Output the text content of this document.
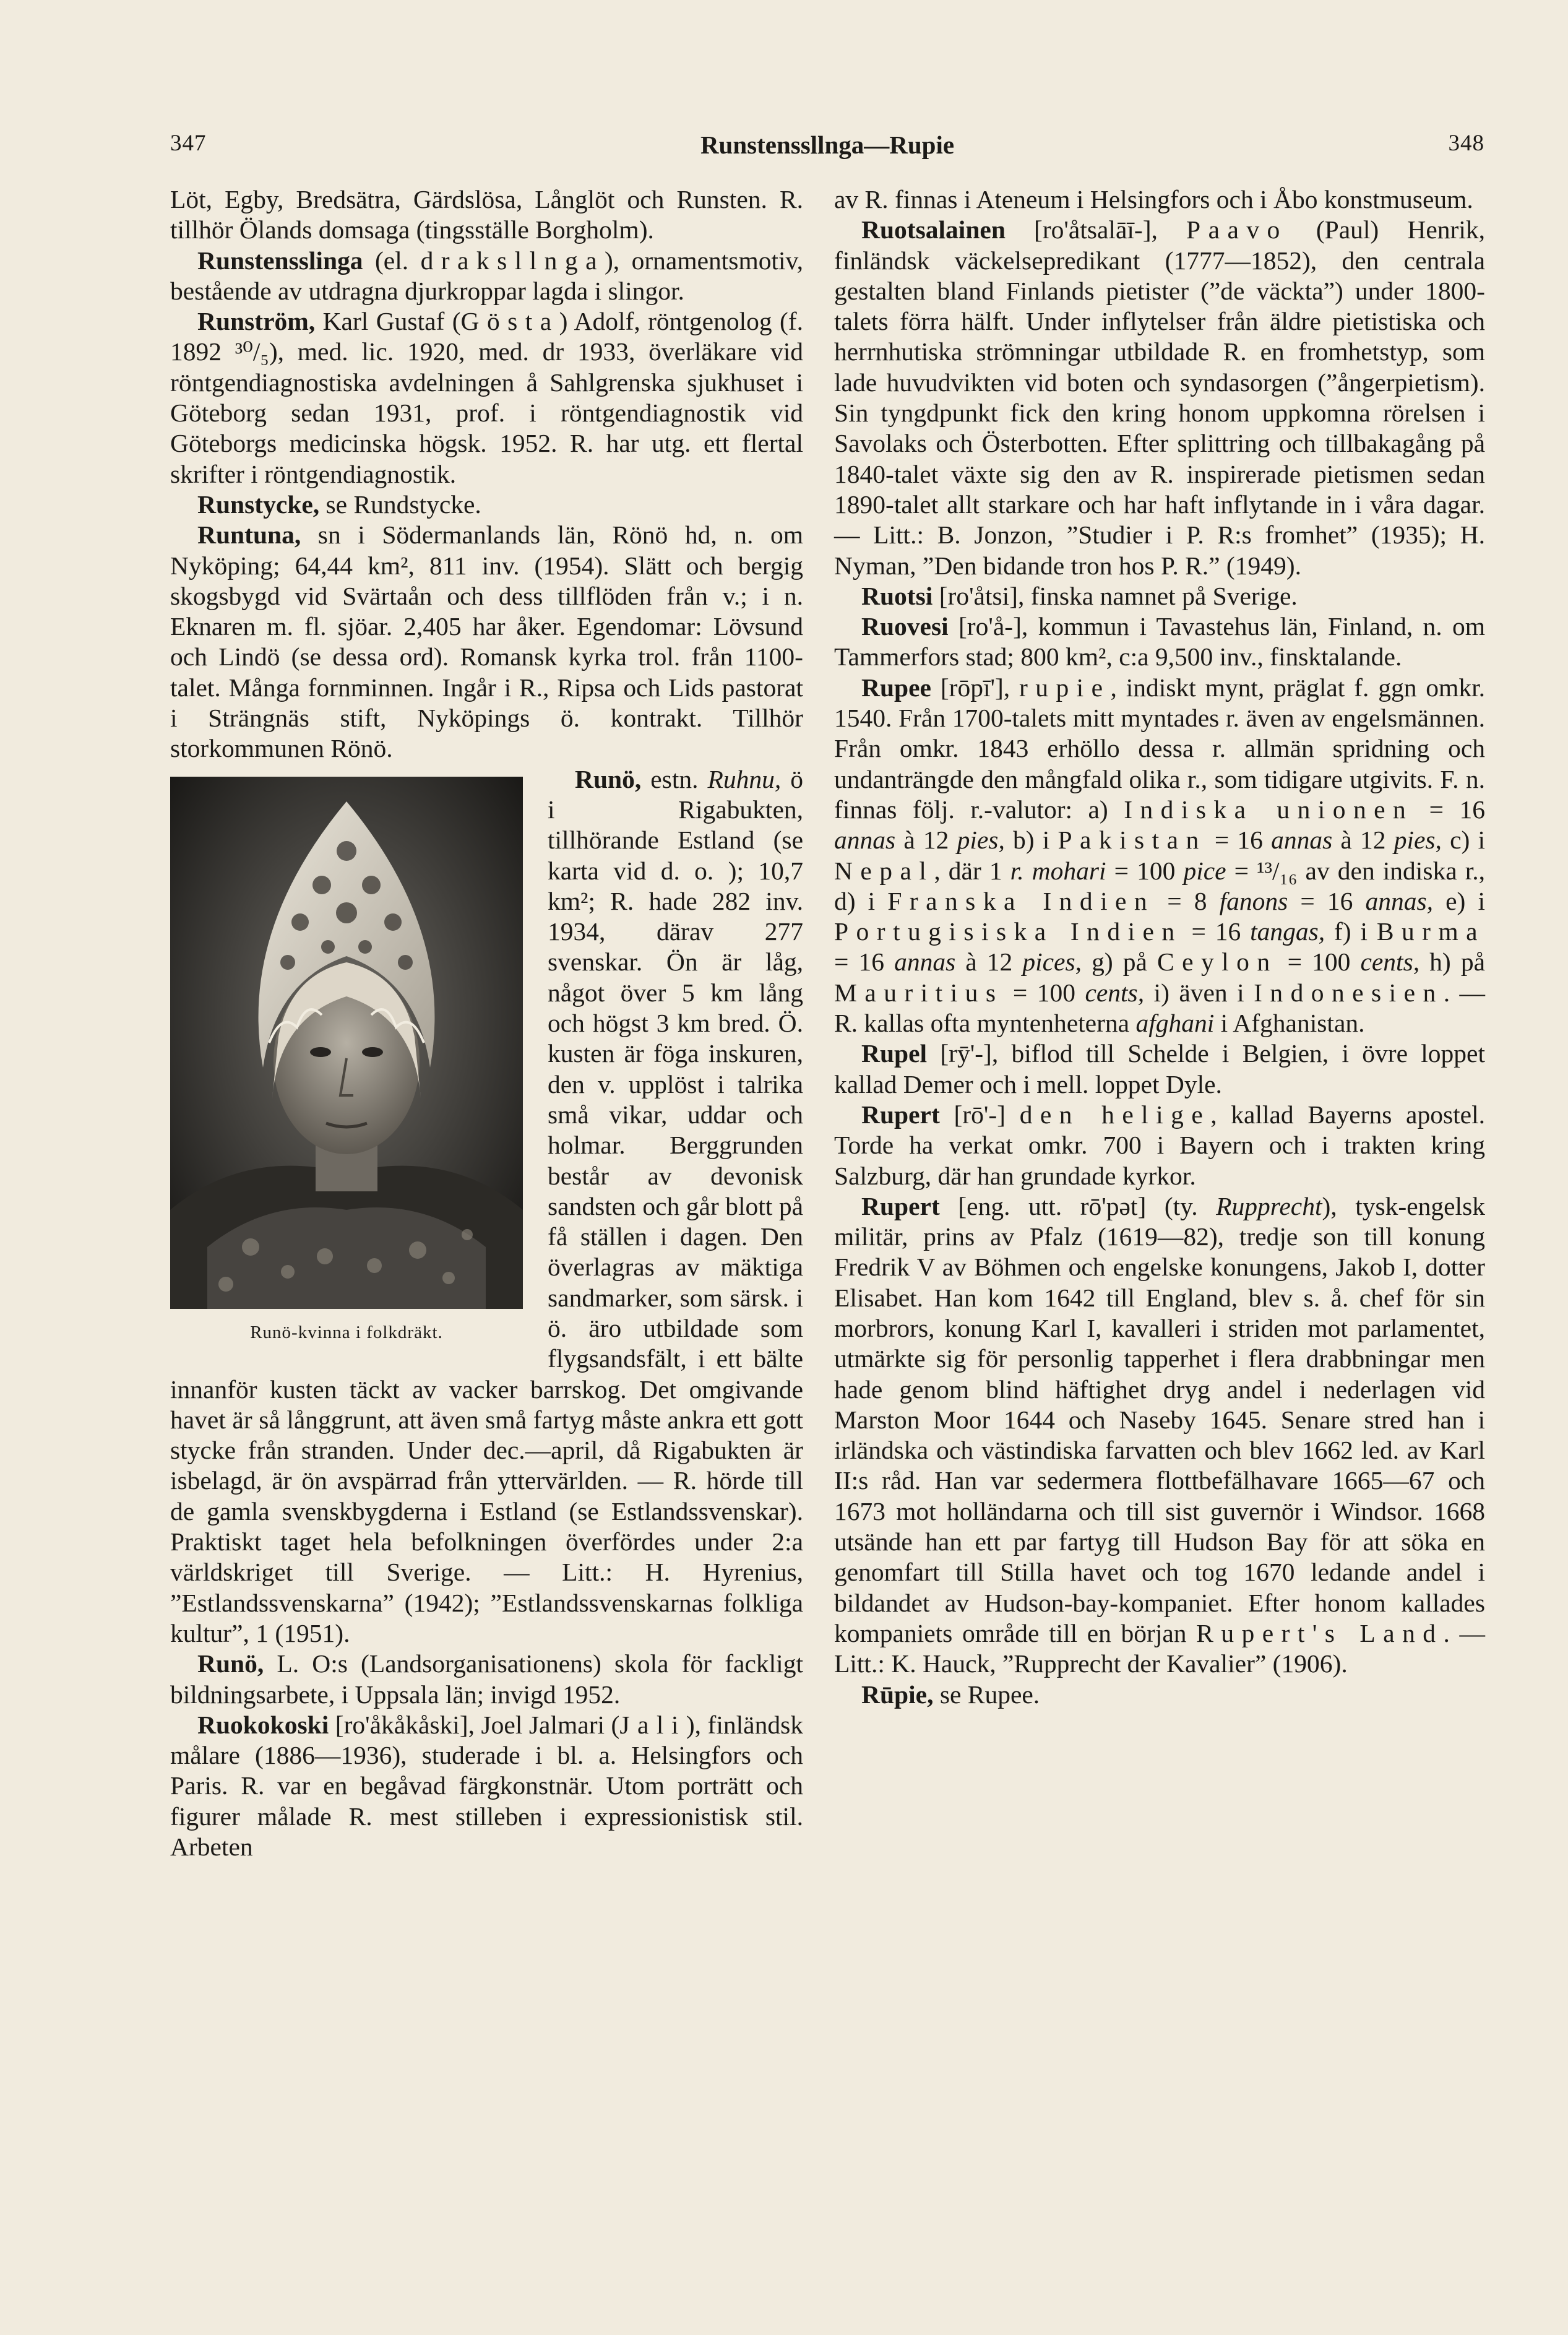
347	Runstenssllnga—Rupie	348

Löt, Egby, Bredsätra, Gärdslösa, Långlöt och Runsten. R. tillhör Ölands domsaga (tingsställe Borgholm).

Runstensslinga (el. draksllnga), ornamentsmotiv, bestående av utdragna djurkroppar lagda i slingor.

Runström, Karl Gustaf (Gösta) Adolf, röntgenolog (f. 1892 ³⁰/₅), med. lic. 1920, med. dr 1933, överläkare vid röntgendiagnostiska avdelningen å Sahlgrenska sjukhuset i Göteborg sedan 1931, prof. i röntgendiagnostik vid Göteborgs medicinska högsk. 1952. R. har utg. ett flertal skrifter i röntgendiagnostik.

Runstycke, se Rundstycke.

Runtuna, sn i Södermanlands län, Rönö hd, n. om Nyköping; 64,44 km², 811 inv. (1954). Slätt och bergig skogsbygd vid Svärtaån och dess tillflöden från v.; i n. Eknaren m. fl. sjöar. 2,405 har åker. Egendomar: Lövsund och Lindö (se dessa ord). Romansk kyrka trol. från 1100-talet. Många fornminnen. Ingår i R., Ripsa och Lids pastorat i Strängnäs stift, Nyköpings ö. kontrakt. Tillhör storkommunen Rönö.

Runö-kvinna i folkdräkt.
Runö, estn. Ruhnu, ö i Rigabukten, tillhörande Estland (se karta vid d. o. ); 10,7 km²; R. hade 282 inv. 1934, därav 277 svenskar. Ön är låg, något över 5 km lång och högst 3 km bred. Ö. kusten är föga inskuren, den v. upplöst i talrika små vikar, uddar och holmar. Berggrunden består av devonisk sandsten och går blott på få ställen i dagen. Den överlagras av mäktiga sandmarker, som särsk. i ö. äro utbildade som flygsandsfält, i ett bälte innanför kusten täckt av vacker barrskog. Det omgivande havet är så långgrunt, att även små fartyg måste ankra ett gott stycke från stranden. Under dec.—april, då Rigabukten är isbelagd, är ön avspärrad från yttervärlden. — R. hörde till de gamla svenskbygderna i Estland (se Estlandssvenskar). Praktiskt taget hela befolkningen överfördes under 2:a världskriget till Sverige. — Litt.: H. Hyrenius, ”Estlandssvenskarna” (1942); ”Estlandssvenskarnas folkliga kultur”, 1 (1951).

Runö, L. O:s (Landsorganisationens) skola för fackligt bildningsarbete, i Uppsala län; invigd 1952.

Ruokokoski [ro'åkåkåski], Joel Jalmari (Jali), finländsk målare (1886—1936), studerade i bl. a. Helsingfors och Paris. R. var en begåvad färgkonstnär. Utom porträtt och figurer målade R. mest stilleben i expressionistisk stil. Arbeten

av R. finnas i Ateneum i Helsingfors och i Åbo konstmuseum.

Ruotsalainen [ro'åtsalāī-], Paavo (Paul) Henrik, finländsk väckelsepredikant (1777—1852), den centrala gestalten bland Finlands pietister (”de väckta”) under 1800-talets förra hälft. Under inflytelser från äldre pietistiska och herrnhutiska strömningar utbildade R. en fromhetstyp, som lade huvudvikten vid boten och syndasorgen (”ångerpietism). Sin tyngdpunkt fick den kring honom uppkomna rörelsen i Savolaks och Österbotten. Efter splittring och tillbakagång på 1840-talet växte sig den av R. inspirerade pietismen sedan 1890-talet allt starkare och har haft inflytande in i våra dagar. — Litt.: B. Jonzon, ”Studier i P. R:s fromhet” (1935); H. Nyman, ”Den bidande tron hos P. R.” (1949).

Ruotsi [ro'åtsi], finska namnet på Sverige.

Ruovesi [ro'å-], kommun i Tavastehus län, Finland, n. om Tammerfors stad; 800 km², c:a 9,500 inv., finsktalande.

Rupee [rōpī'], rupie, indiskt mynt, präglat f. ggn omkr. 1540. Från 1700-talets mitt myntades r. även av engelsmännen. Från omkr. 1843 erhöllo dessa r. allmän spridning och undanträngde den mångfald olika r., som tidigare utgivits. F. n. finnas följ. r.-valutor: a) Indiska unionen = 16 annas à 12 pies, b) i Pakistan = 16 annas à 12 pies, c) i Nepal, där 1 r. mohari = 100 pice = ¹³/₁₆ av den indiska r., d) i Franska Indien = 8 fanons = 16 annas, e) i Portugisiska Indien = 16 tangas, f) i Burma = 16 annas à 12 pices, g) på Ceylon = 100 cents, h) på Mauritius = 100 cents, i) även i Indonesien. — R. kallas ofta myntenheterna afghani i Afghanistan.

Rupel [rȳ'-], biflod till Schelde i Belgien, i övre loppet kallad Demer och i mell. loppet Dyle.

Rupert [rō'-] den helige, kallad Bayerns apostel. Torde ha verkat omkr. 700 i Bayern och i trakten kring Salzburg, där han grundade kyrkor.

Rupert [eng. utt. rō'pət] (ty. Rupprecht), tysk-engelsk militär, prins av Pfalz (1619—82), tredje son till konung Fredrik V av Böhmen och engelske konungens, Jakob I, dotter Elisabet. Han kom 1642 till England, blev s. å. chef för sin morbrors, konung Karl I, kavalleri i striden mot parlamentet, utmärkte sig för personlig tapperhet i flera drabbningar men hade genom blind häftighet dryg andel i nederlagen vid Marston Moor 1644 och Naseby 1645. Senare stred han i irländska och västindiska farvatten och blev 1662 led. av Karl II:s råd. Han var sedermera flottbefälhavare 1665—67 och 1673 mot holländarna och till sist guvernör i Windsor. 1668 utsände han ett par fartyg till Hudson Bay för att söka en genomfart till Stilla havet och tog 1670 ledande andel i bildandet av Hudson-bay-kompaniet. Efter honom kallades kompaniets område till en början Rupert's Land. — Litt.: K. Hauck, ”Rupprecht der Kavalier” (1906).

Rūpie, se Rupee.
